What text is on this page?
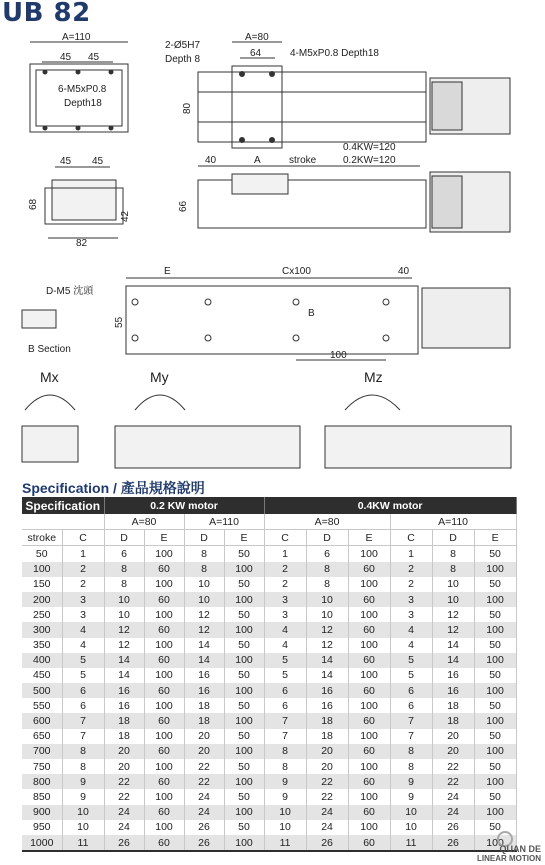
UB 82
A=110
45 45
6-M5xP0.8
Depth18
2-Ø5H7
Depth 8
A=80
64	4-M5xP0.8 Depth18
80
45 45
68
42
82
40	A	stroke
0.4KW=120
0.2KW=120
66
E	Cx100	40
55
B
100
D-M5 沈頭
B Section
Mx	My	Mz
Specification / 產品規格說明
Specification		0.2 KW motor				0.4KW motor					
		A=80		A=110		A=80			A=110		
stroke	C	D	E	D	E	C	D	E	C	D	E
50	1	6	100	8	50	1	6	100	1	8	50
100	2	8	60	8	100	2	8	60	2	8	100
150	2	8	100	10	50	2	8	100	2	10	50
200	3	10	60	10	100	3	10	60	3	10	100
250	3	10	100	12	50	3	10	100	3	12	50
300	4	12	60	12	100	4	12	60	4	12	100
350	4	12	100	14	50	4	12	100	4	14	50
400	5	14	60	14	100	5	14	60	5	14	100
450	5	14	100	16	50	5	14	100	5	16	50
500	6	16	60	16	100	6	16	60	6	16	100
550	6	16	100	18	50	6	16	100	6	18	50
600	7	18	60	18	100	7	18	60	7	18	100
650	7	18	100	20	50	7	18	100	7	20	50
700	8	20	60	20	100	8	20	60	8	20	100
750	8	20	100	22	50	8	20	100	8	22	50
800	9	22	60	22	100	9	22	60	9	22	100
850	9	22	100	24	50	9	22	100	9	24	50
900	10	24	60	24	100	10	24	60	10	24	100
950	10	24	100	26	50	10	24	100	10	26	50
1000	11	26	60	26	100	11	26	60	11	26	100
QUAN DE
LINEAR MOTION
